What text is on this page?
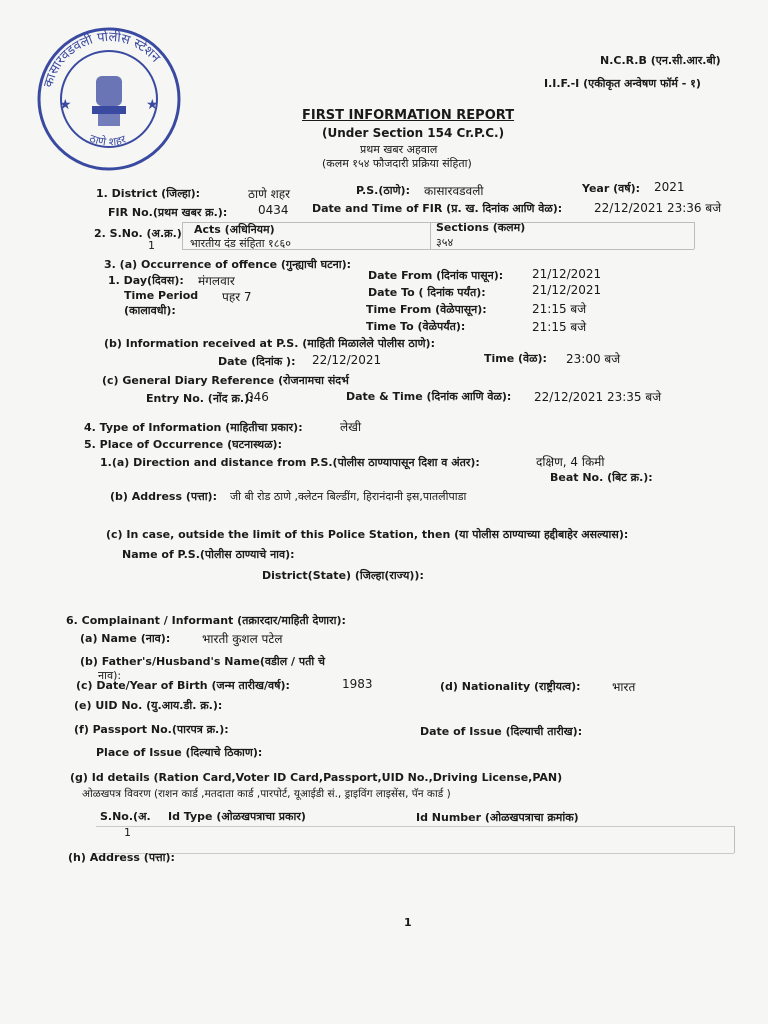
कासारवडवली पोलीस स्टेशन
ठाणे शहर
★	★
N.C.R.B (एन.सी.आर.बी)
I.I.F.-I (एकीकृत अन्वेषण फॉर्म - १)
FIRST INFORMATION REPORT
(Under Section 154 Cr.P.C.)
प्रथम खबर अहवाल
(कलम १५४ फौजदारी प्रक्रिया संहिता)
1. District (जिल्हा):	ठाणे शहर	P.S.(ठाणे): कासारवडवली	Year (वर्ष): 2021
FIR No.(प्रथम खबर क्र.):	0434 Date and Time of FIR (प्र. ख. दिनांक आणि वेळ):	22/12/2021 23:36 बजे
2. S.No. (अ.क्र.) Acts (अधिनियम)	Sections (कलम)
1	भारतीय दंड संहिता १८६०	३५४
3. (a) Occurrence of offence (गुन्ह्याची घटना):
1. Day(दिवस): मंगलवार
Time Period
(कालावधी):
पहर 7
Date From (दिनांक पासून): 21/12/2021
Date To ( दिनांक पर्यंत):	21/12/2021
Time From (वेळेपासून):	21:15 बजे
Time To (वेळेपर्यंत):	21:15 बजे
(b) Information received at P.S. (माहिती मिळालेले पोलीस ठाणे):
Date (दिनांक ): 22/12/2021	Time (वेळ): 23:00 बजे
(c) General Diary Reference (रोजनामचा संदर्भ
Entry No. (नोंद क्र.):
046	Date & Time (दिनांक आणि वेळ): 22/12/2021 23:35 बजे
4. Type of Information (माहितीचा प्रकार):	लेखी
5. Place of Occurrence (घटनास्थळ):
1.(a) Direction and distance from P.S.(पोलीस ठाण्यापासून दिशा व अंतर):	दक्षिण, 4 किमी
Beat No. (बिट क्र.):
(b) Address (पत्ता): जी बी रोड ठाणे ,क्लेटन बिल्डींग, हिरानंदानी इस,पातलीपाडा
(c) In case, outside the limit of this Police Station, then (या पोलीस ठाण्याच्या हद्दीबाहेर असल्यास):
Name of P.S.(पोलीस ठाण्याचे नाव):
District(State) (जिल्हा(राज्य)):
6. Complainant / Informant (तक्रारदार/माहिती देणारा):
(a) Name (नाव):	भारती कुशल पटेल
(b) Father's/Husband's Name(वडील / पती चे
नाव):
(c) Date/Year of Birth (जन्म तारीख/वर्ष):	1983	(d) Nationality (राष्ट्रीयत्व):	भारत
(e) UID No. (यु.आय.डी. क्र.):
(f) Passport No.(पारपत्र क्र.):	Date of Issue (दिल्याची तारीख):
Place of Issue (दिल्याचे ठिकाण):
(g) Id details (Ration Card,Voter ID Card,Passport,UID No.,Driving License,PAN)
ओळखपत्र विवरण (राशन कार्ड ,मतदाता कार्ड ,पारपोर्ट, यूआईडी सं., ड्राइविंग लाइसेंस, पॅन कार्ड )
S.No.(अ. Id Type (ओळखपत्राचा प्रकार)	Id Number (ओळखपत्राचा क्रमांक)
1
(h) Address (पत्ता):
1
